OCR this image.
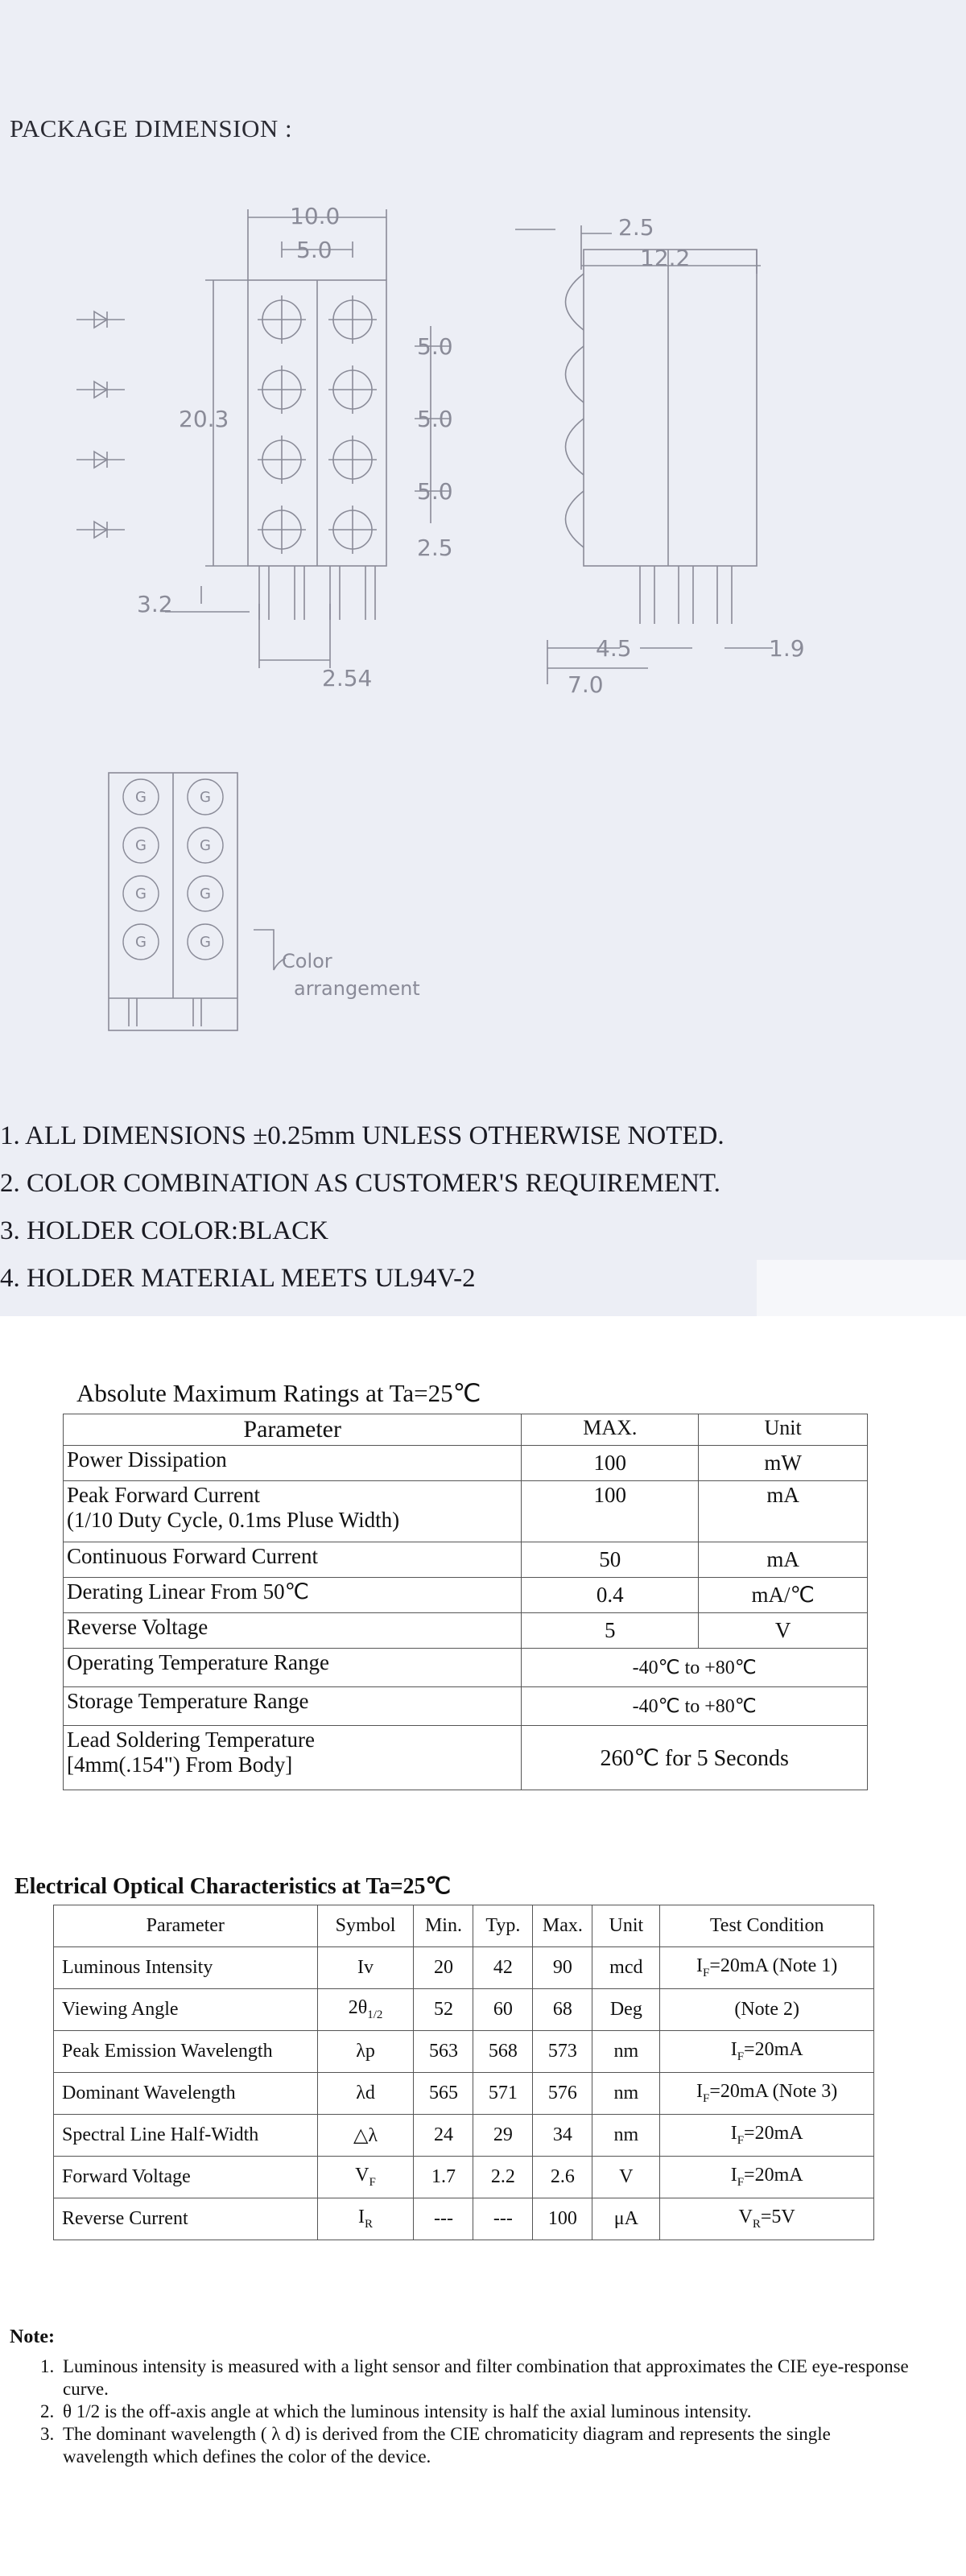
PACKAGE DIMENSION :
10.0
5.0
20.3
5.0
5.0
5.0
2.5
3.2
2.54
2.5
12.2
4.5	1.9
7.0
G	G
G	G
G	G
G	G
Color
arrangement
1. ALL DIMENSIONS ±0.25mm UNLESS OTHERWISE NOTED.
2. COLOR COMBINATION AS CUSTOMER'S REQUIREMENT.
3. HOLDER COLOR:BLACK
4. HOLDER MATERIAL MEETS UL94V-2
Absolute Maximum Ratings at Ta=25℃
Parameter	MAX.	Unit
Power Dissipation	100	mW

Peak Forward Current
(1/10 Duty Cycle, 0.1ms Pluse Width)	100	mA
Continuous Forward Current	50	mA
Derating Linear From 50℃	0.4	mA/℃
Reverse Voltage	5	V
Operating Temperature Range	-40℃ to +80℃	
Storage Temperature Range	-40℃ to +80℃	

Lead Soldering Temperature
[4mm(.154") From Body]	260℃ for 5 Seconds	
Electrical Optical Characteristics at Ta=25℃
Parameter	Symbol	Min.	Typ.	Max.	Unit	Test Condition
Luminous Intensity	Iv	20	42	90	mcd	$I_F=20mA$ (Note 1)
Viewing Angle	$2\theta_{1/2}$	52	60	68	Deg	(Note 2)
Peak Emission Wavelength	λp	563	568	573	nm	$I_F=20mA$
Dominant Wavelength	λd	565	571	576	nm	$I_F=20mA$ (Note 3)
Spectral Line Half-Width	△λ	24	29	34	nm	$I_F=20mA$
Forward Voltage	$V_F$	1.7	2.2	2.6	V	$I_F=20mA$
Reverse Current	$I_R$	---	---	100	μA	$V_R=5V$
Note:
1. Luminous intensity is measured with a light sensor and filter combination that approximates the CIE eye-response curve.
2. θ 1/2 is the off-axis angle at which the luminous intensity is half the axial luminous intensity.
3. The dominant wavelength ( λ d) is derived from the CIE chromaticity diagram and represents the single wavelength which defines the color of the device.
